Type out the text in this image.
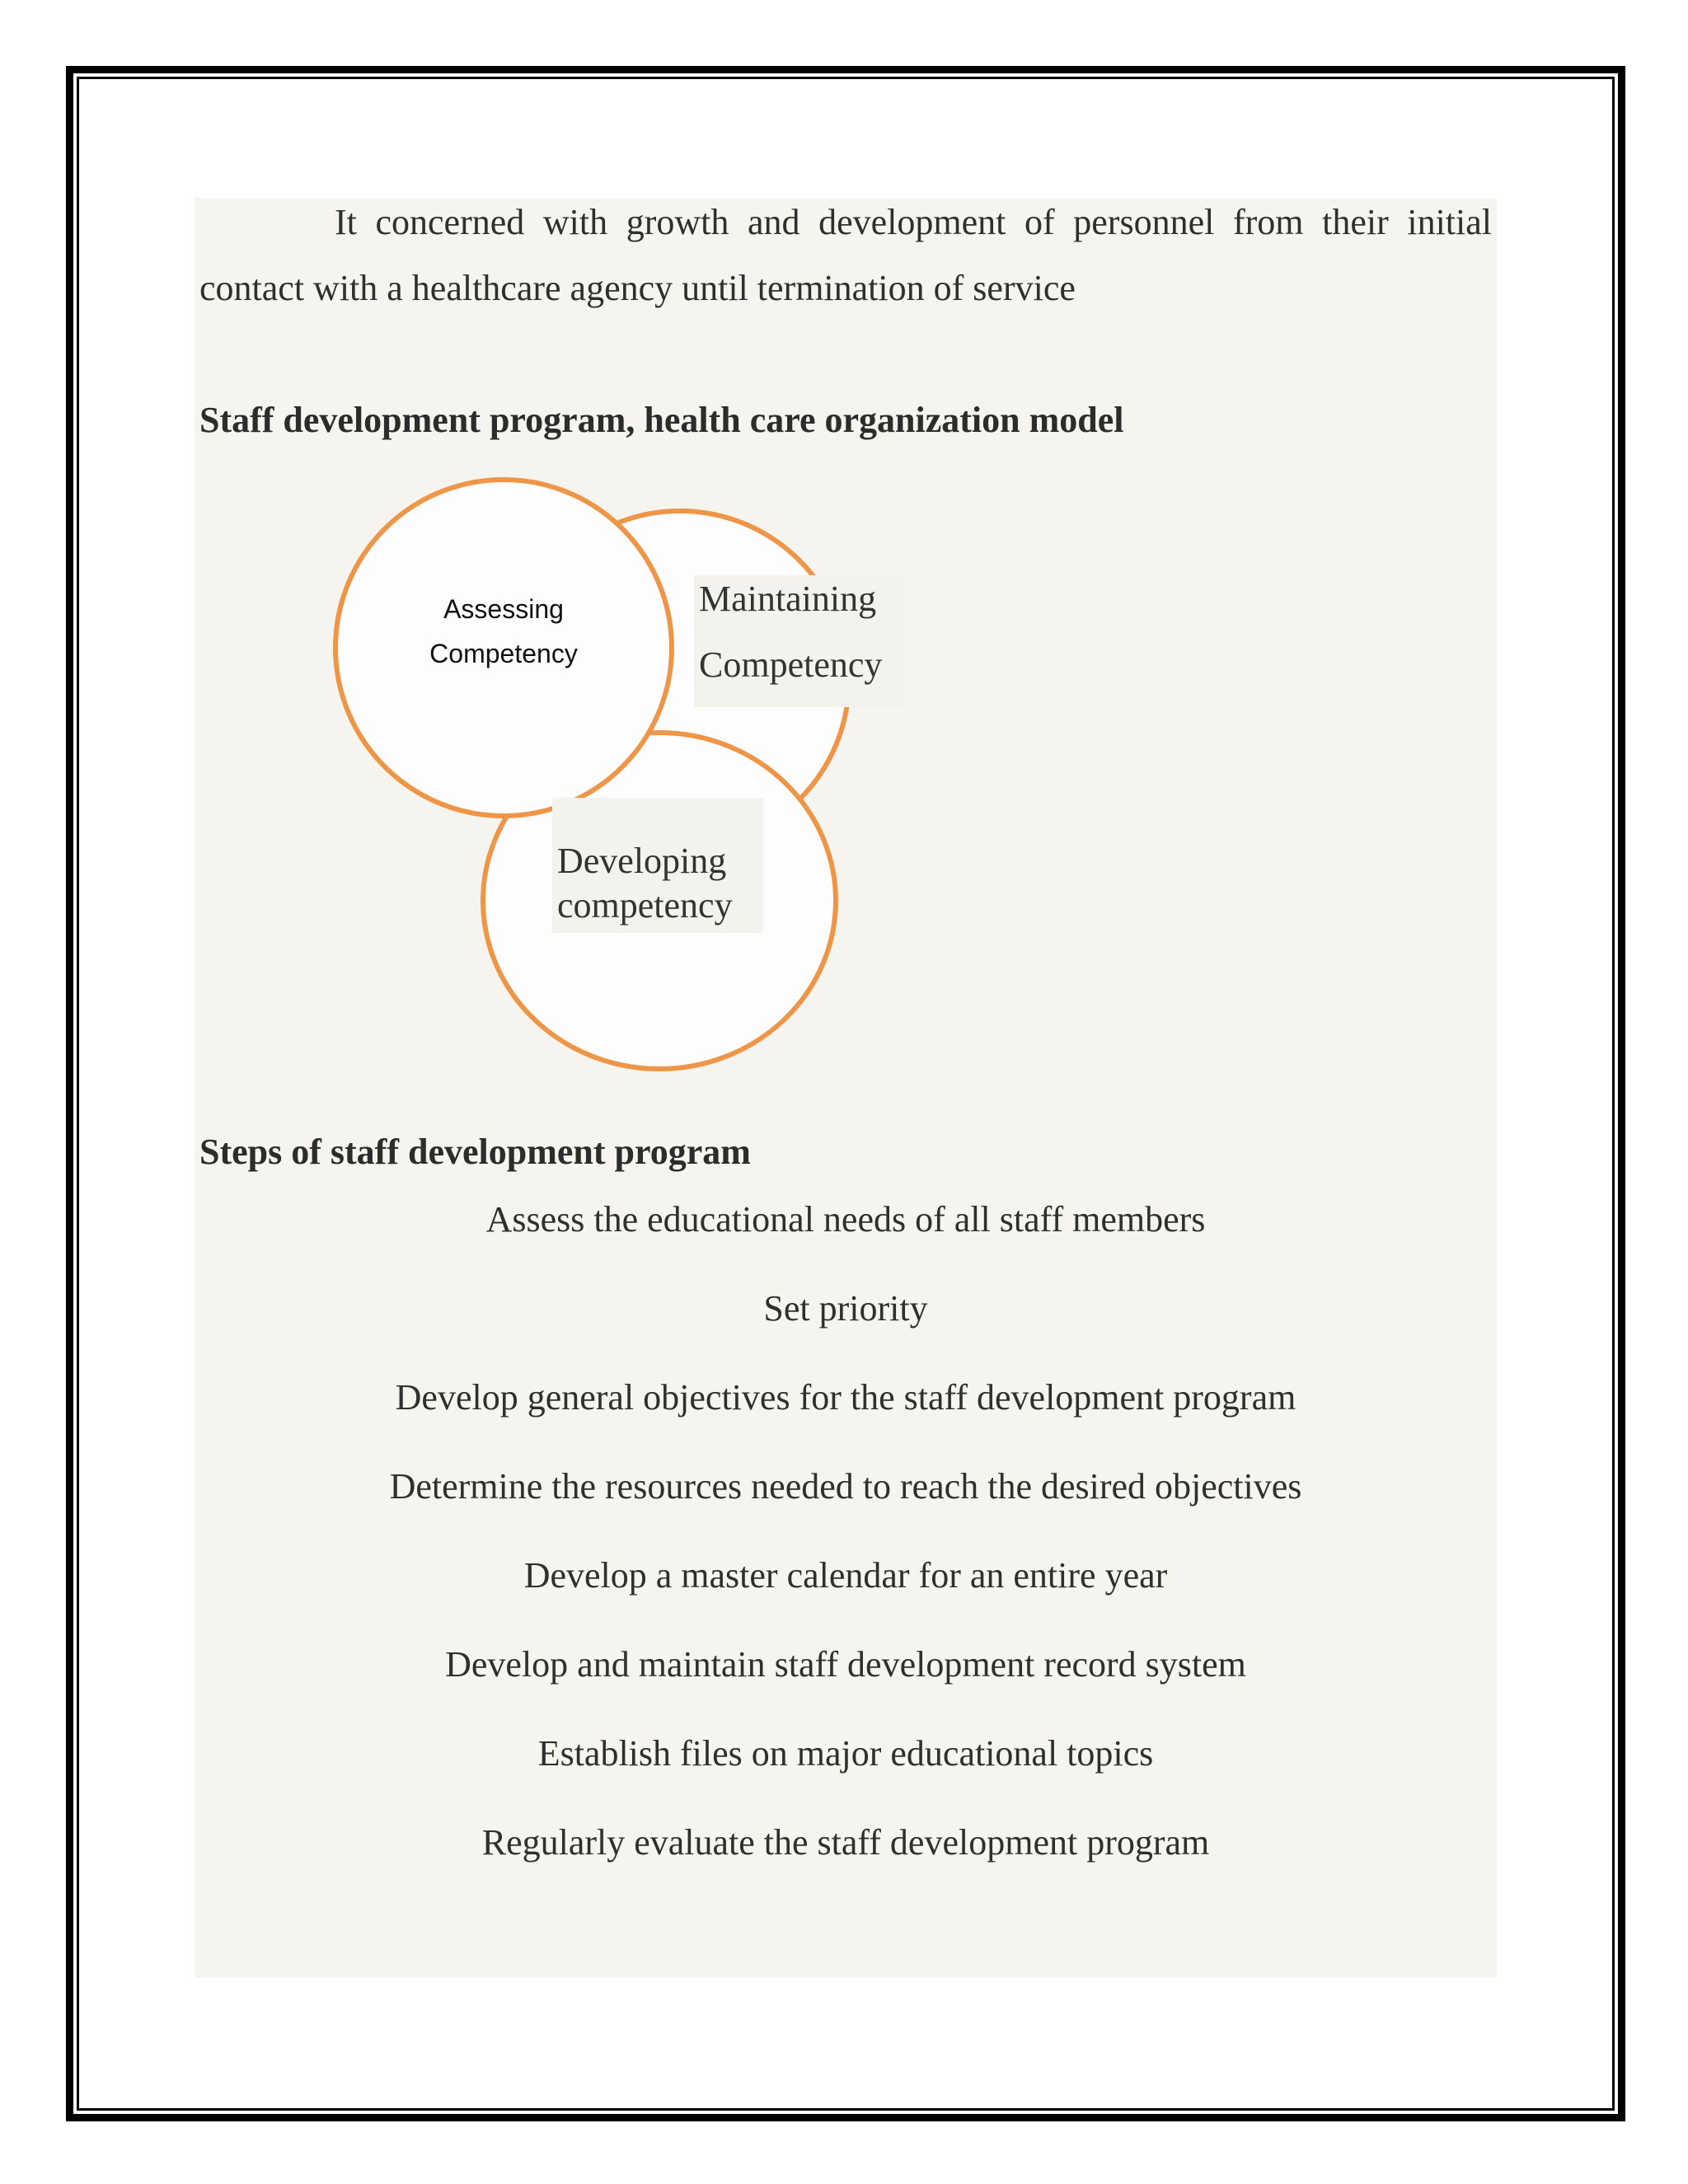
It concerned with growth and development of personnel from their initial contact with a healthcare agency until termination of service

Staff development program, health care organization model
Maintaining
Competency
Developing
competency
Assessing
Competency
Steps of staff development program
Assess the educational needs of all staff members
Set priority
Develop general objectives for the staff development program
Determine the resources needed to reach the desired objectives
Develop a master calendar for an entire year
Develop and maintain staff development record system
Establish files on major educational topics
Regularly evaluate the staff development program
